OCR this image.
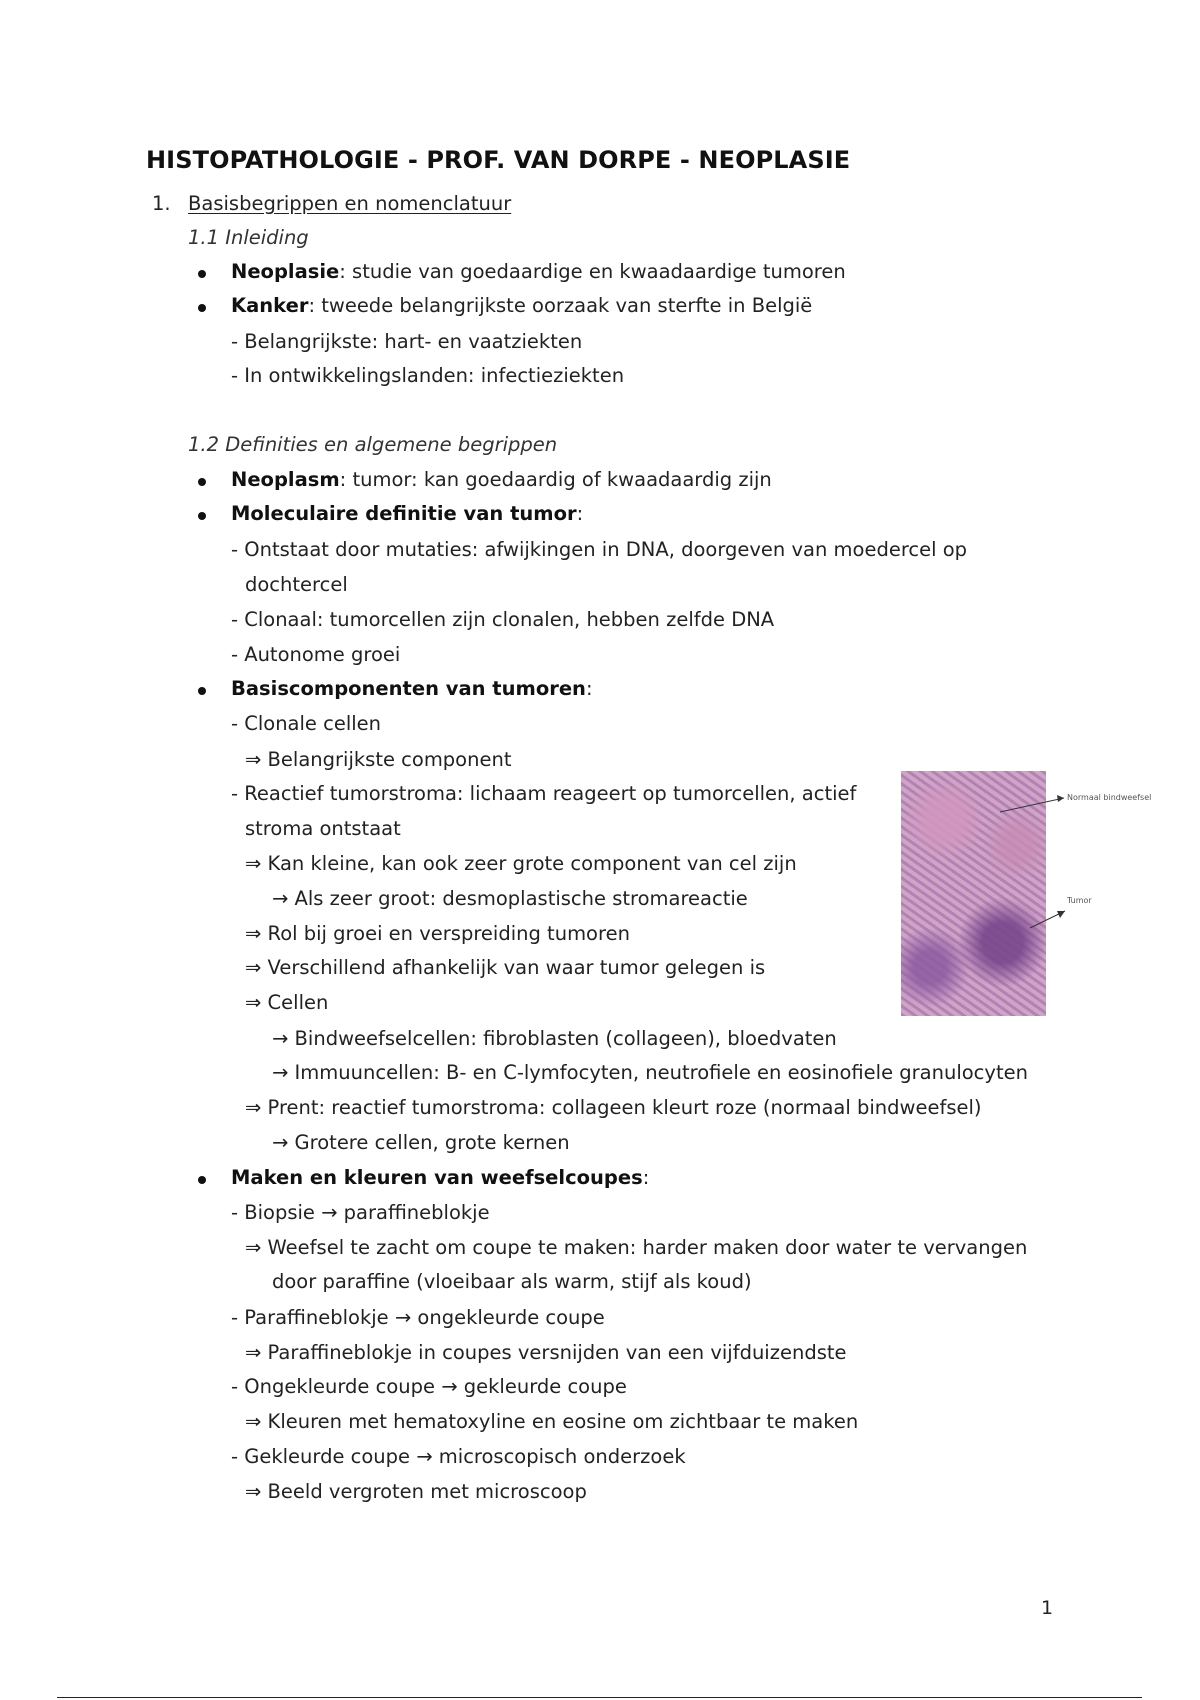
HISTOPATHOLOGIE - PROF. VAN DORPE - NEOPLASIE
1. Basisbegrippen en nomenclatuur
1.1 Inleiding
Neoplasie: studie van goedaardige en kwaadaardige tumoren
Kanker: tweede belangrijkste oorzaak van sterfte in België
- Belangrijkste: hart- en vaatziekten
- In ontwikkelingslanden: infectieziekten
1.2 Definities en algemene begrippen
Neoplasm: tumor: kan goedaardig of kwaadaardig zijn
Moleculaire definitie van tumor:
- Ontstaat door mutaties: afwijkingen in DNA, doorgeven van moedercel op
dochtercel
- Clonaal: tumorcellen zijn clonalen, hebben zelfde DNA
- Autonome groei
Basiscomponenten van tumoren:
- Clonale cellen
⇒ Belangrijkste component
- Reactief tumorstroma: lichaam reageert op tumorcellen, actief
stroma ontstaat
⇒ Kan kleine, kan ook zeer grote component van cel zijn
→ Als zeer groot: desmoplastische stromareactie
⇒ Rol bij groei en verspreiding tumoren
⇒ Verschillend afhankelijk van waar tumor gelegen is
⇒ Cellen
→ Bindweefselcellen: fibroblasten (collageen), bloedvaten
→ Immuuncellen: B- en C-lymfocyten, neutrofiele en eosinofiele granulocyten
⇒ Prent: reactief tumorstroma: collageen kleurt roze (normaal bindweefsel)
→ Grotere cellen, grote kernen
Maken en kleuren van weefselcoupes:
- Biopsie → paraffineblokje
⇒ Weefsel te zacht om coupe te maken: harder maken door water te vervangen
door paraffine (vloeibaar als warm, stijf als koud)
- Paraffineblokje → ongekleurde coupe
⇒ Paraffineblokje in coupes versnijden van een vijfduizendste
- Ongekleurde coupe → gekleurde coupe
⇒ Kleuren met hematoxyline en eosine om zichtbaar te maken
- Gekleurde coupe → microscopisch onderzoek
⇒ Beeld vergroten met microscoop
Normaal bindweefsel
Tumor
1
